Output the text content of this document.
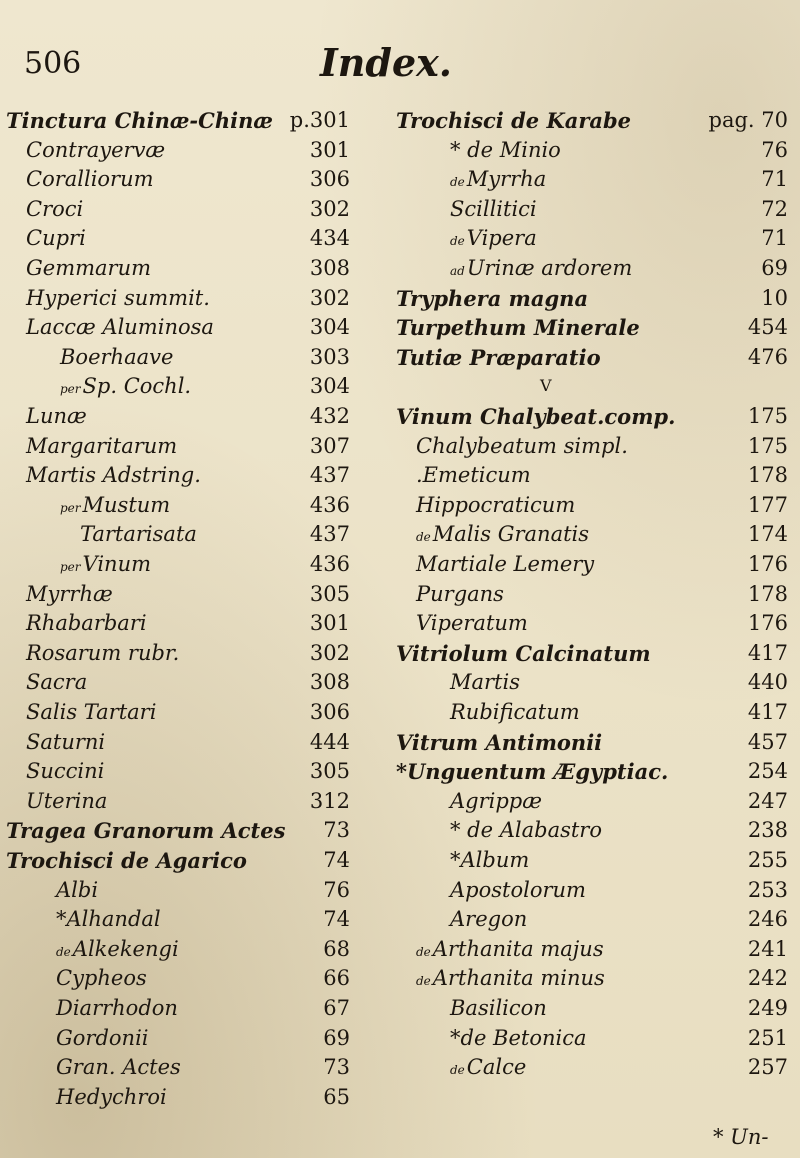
506	Index.
Tinctura Chinæ-Chinæ p.301
Contrayervæ	301
Coralliorum	306
Croci	302
Cupri	434
Gemmarum	308
Hyperici summit.	302
Laccæ Aluminosa	304
Boerhaave	303
perSp. Cochl.	304
Lunæ	432
Margaritarum	307
Martis Adstring.	437
perMustum	436
Tartarisata	437
perVinum	436
Myrrhæ	305
Rhabarbari	301
Rosarum rubr.	302
Sacra	308
Salis Tartari	306
Saturni	444
Succini	305
Uterina	312
Tragea Granorum Actes 73
Trochisci de Agarico	74
Albi	76
*Alhandal	74
deAlkekengi	68
Cypheos	66
Diarrhodon	67
Gordonii	69
Gran. Actes	73
Hedychroi	65
V
Trochisci de Karabe	pag. 70
* de Minio	76
deMyrrha	71
Scillitici	72
deVipera	71
adUrinæ ardorem	69
Tryphera magna	10
Turpethum Minerale	454
Tutiæ Præparatio	476
Vinum Chalybeat.comp.	175
Chalybeatum simpl.	175
.Emeticum	178
Hippocraticum	177
deMalis Granatis	174
Martiale Lemery	176
Purgans	178
Viperatum	176
Vitriolum Calcinatum	417
Martis	440
Rubificatum	417
Vitrum Antimonii	457
*Unguentum Ægyptiac.	254
Agrippæ	247
* de Alabastro	238
*Album	255
Apostolorum	253
Aregon	246
deArthanita majus	241
deArthanita minus	242
Basilicon	249
*de Betonica	251
deCalce	257
* Un-
